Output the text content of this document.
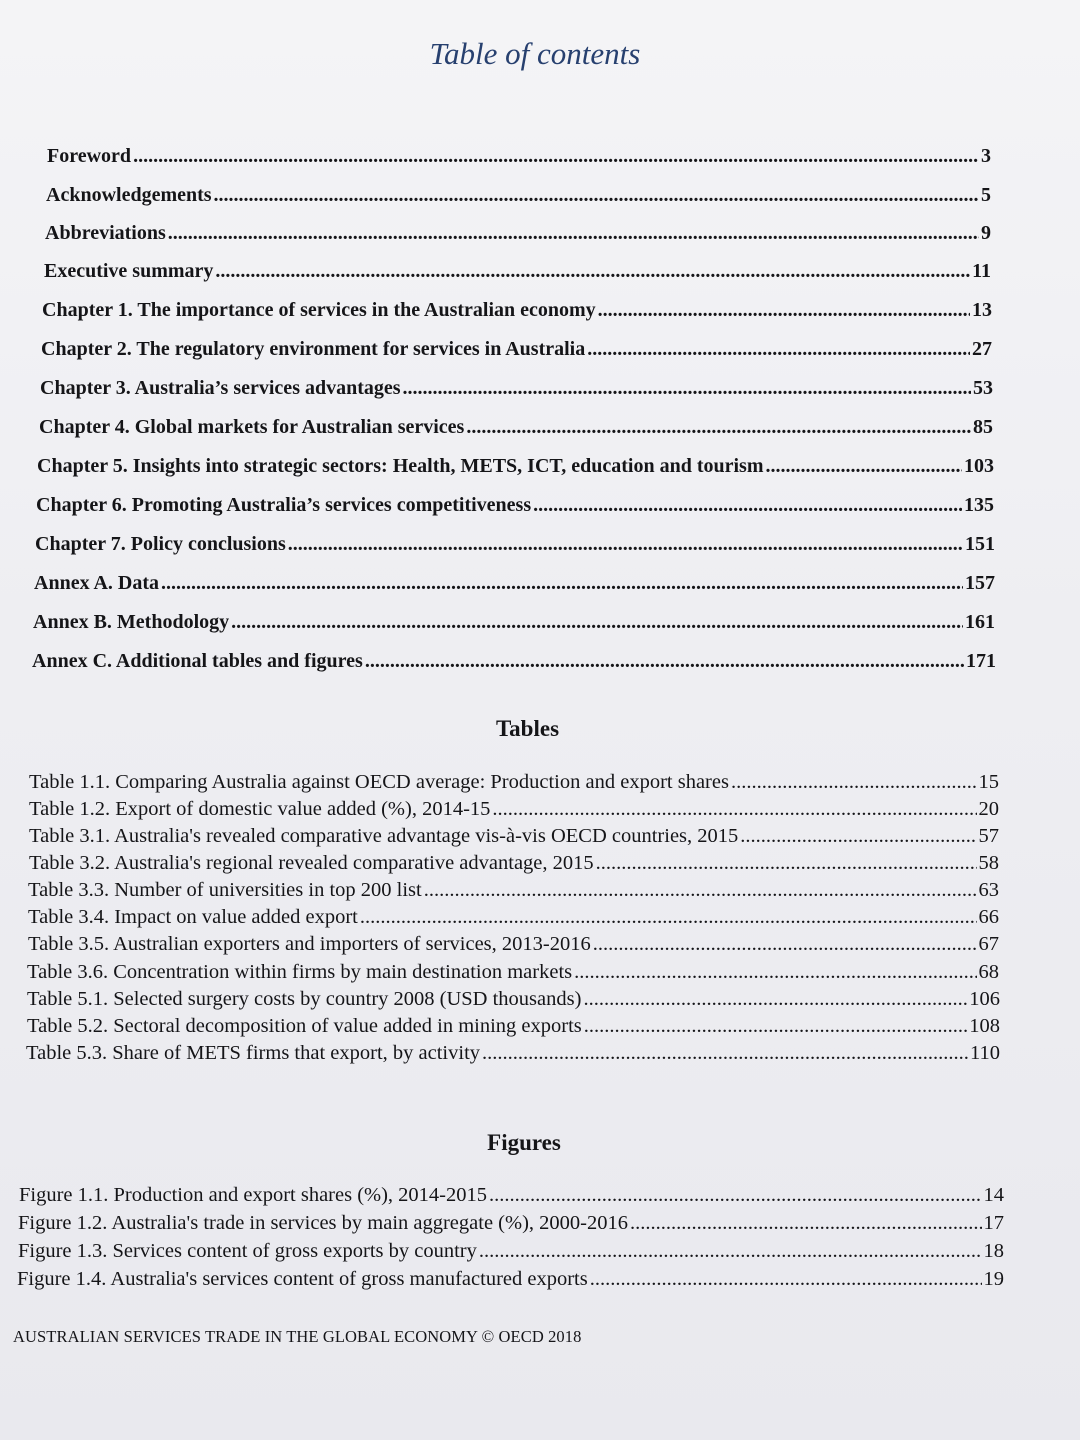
Table of contents
Foreword .....	3
Acknowledgements .....	5
Abbreviations .....	9
Executive summary .....	11
Chapter 1. The importance of services in the Australian economy .....	13
Chapter 2. The regulatory environment for services in Australia .....	27
Chapter 3. Australia’s services advantages .....	53
Chapter 4. Global markets for Australian services .....	85
Chapter 5. Insights into strategic sectors: Health, METS, ICT, education and tourism .....	103
Chapter 6. Promoting Australia’s services competitiveness .....	135
Chapter 7. Policy conclusions .....	151
Annex A. Data .....	157
Annex B. Methodology .....	161
Annex C. Additional tables and figures .....	171
Tables
Table 1.1. Comparing Australia against OECD average: Production and export shares .....	15
Table 1.2. Export of domestic value added (%), 2014-15 .....	20
Table 3.1. Australia's revealed comparative advantage vis-à-vis OECD countries, 2015 .....	57
Table 3.2. Australia's regional revealed comparative advantage, 2015 .....	58
Table 3.3. Number of universities in top 200 list .....	63
Table 3.4. Impact on value added export .....	66
Table 3.5. Australian exporters and importers of services, 2013-2016 .....	67
Table 3.6. Concentration within firms by main destination markets .....	68
Table 5.1. Selected surgery costs by country 2008 (USD thousands) .....	106
Table 5.2. Sectoral decomposition of value added in mining exports .....	108
Table 5.3. Share of METS firms that export, by activity .....	110
Figures
Figure 1.1. Production and export shares (%), 2014-2015 .....	14
Figure 1.2. Australia's trade in services by main aggregate (%), 2000-2016 .....	17
Figure 1.3. Services content of gross exports by country .....	18
Figure 1.4. Australia's services content of gross manufactured exports .....	19
AUSTRALIAN SERVICES TRADE IN THE GLOBAL ECONOMY © OECD 2018
